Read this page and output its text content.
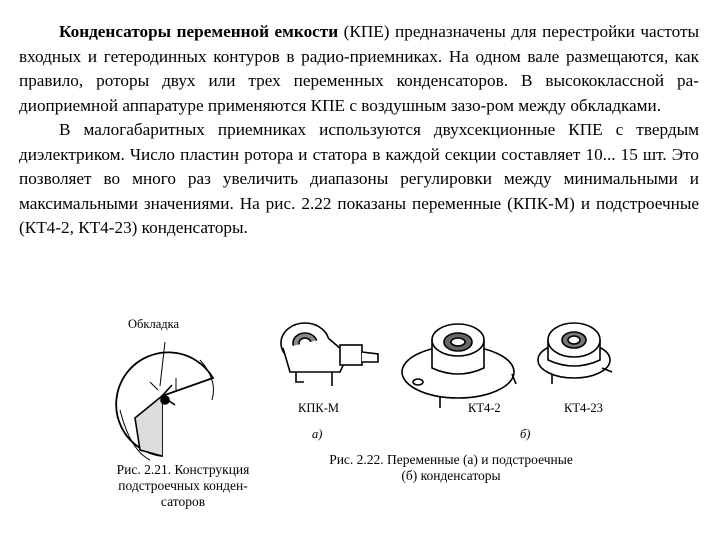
Конденсаторы переменной емкости (КПЕ) предназначены для перестройки частоты входных и гетеродинных контуров в радио-приемниках. На одном вале размещаются, как правило, роторы двух или трех переменных конденсаторов. В высококлассной ра-диоприемной аппаратуре применяются КПЕ с воздушным зазо-ром между обкладками.

В малогабаритных приемниках используются двухсекционные КПЕ с твердым диэлектриком. Число пластин ротора и статора в каждой секции составляет 10... 15 шт. Это позволяет во много раз увеличить диапазоны регулировки между минимальными и максимальными значениями. На рис. 2.22 показаны переменные (КПК-М) и подстроечные (КТ4-2, КТ4-23) конденсаторы.

Обкладка
Рис. 2.21. Конструкция
подстроечных конден-
саторов
КПК-М	КТ4-2	КТ4-23
а)	б)
Рис. 2.22. Переменные (а) и подстроечные
(б) конденсаторы
